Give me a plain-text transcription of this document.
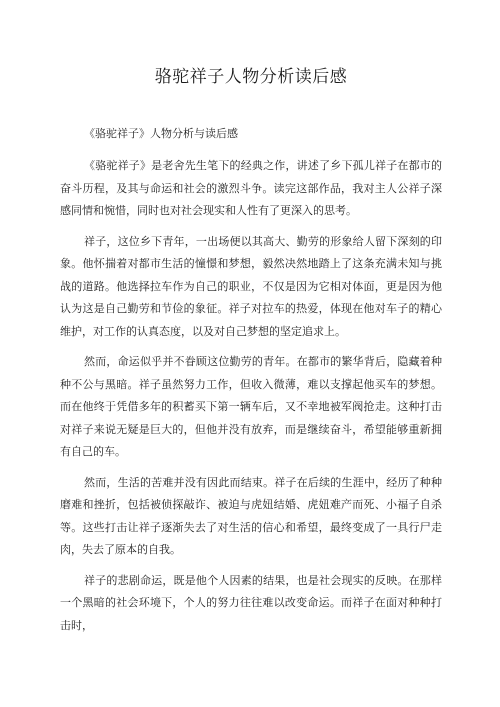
骆驼祥子人物分析读后感

《骆驼祥子》人物分析与读后感

《骆驼祥子》是老舍先生笔下的经典之作，讲述了乡下孤儿祥子在都市的奋斗历程，及其与命运和社会的激烈斗争。读完这部作品，我对主人公祥子深感同情和惋惜，同时也对社会现实和人性有了更深入的思考。

祥子，这位乡下青年，一出场便以其高大、勤劳的形象给人留下深刻的印象。他怀揣着对都市生活的憧憬和梦想，毅然决然地踏上了这条充满未知与挑战的道路。他选择拉车作为自己的职业，不仅是因为它相对体面，更是因为他认为这是自己勤劳和节俭的象征。祥子对拉车的热爱，体现在他对车子的精心维护，对工作的认真态度，以及对自己梦想的坚定追求上。

然而，命运似乎并不眷顾这位勤劳的青年。在都市的繁华背后，隐藏着种种不公与黑暗。祥子虽然努力工作，但收入微薄，难以支撑起他买车的梦想。而在他终于凭借多年的积蓄买下第一辆车后，又不幸地被军阀抢走。这种打击对祥子来说无疑是巨大的，但他并没有放弃，而是继续奋斗，希望能够重新拥有自己的车。

然而，生活的苦难并没有因此而结束。祥子在后续的生涯中，经历了种种磨难和挫折，包括被侦探敲诈、被迫与虎妞结婚、虎妞难产而死、小福子自杀等。这些打击让祥子逐渐失去了对生活的信心和希望，最终变成了一具行尸走肉，失去了原本的自我。

祥子的悲剧命运，既是他个人因素的结果，也是社会现实的反映。在那样一个黑暗的社会环境下，个人的努力往往难以改变命运。而祥子在面对种种打击时，
